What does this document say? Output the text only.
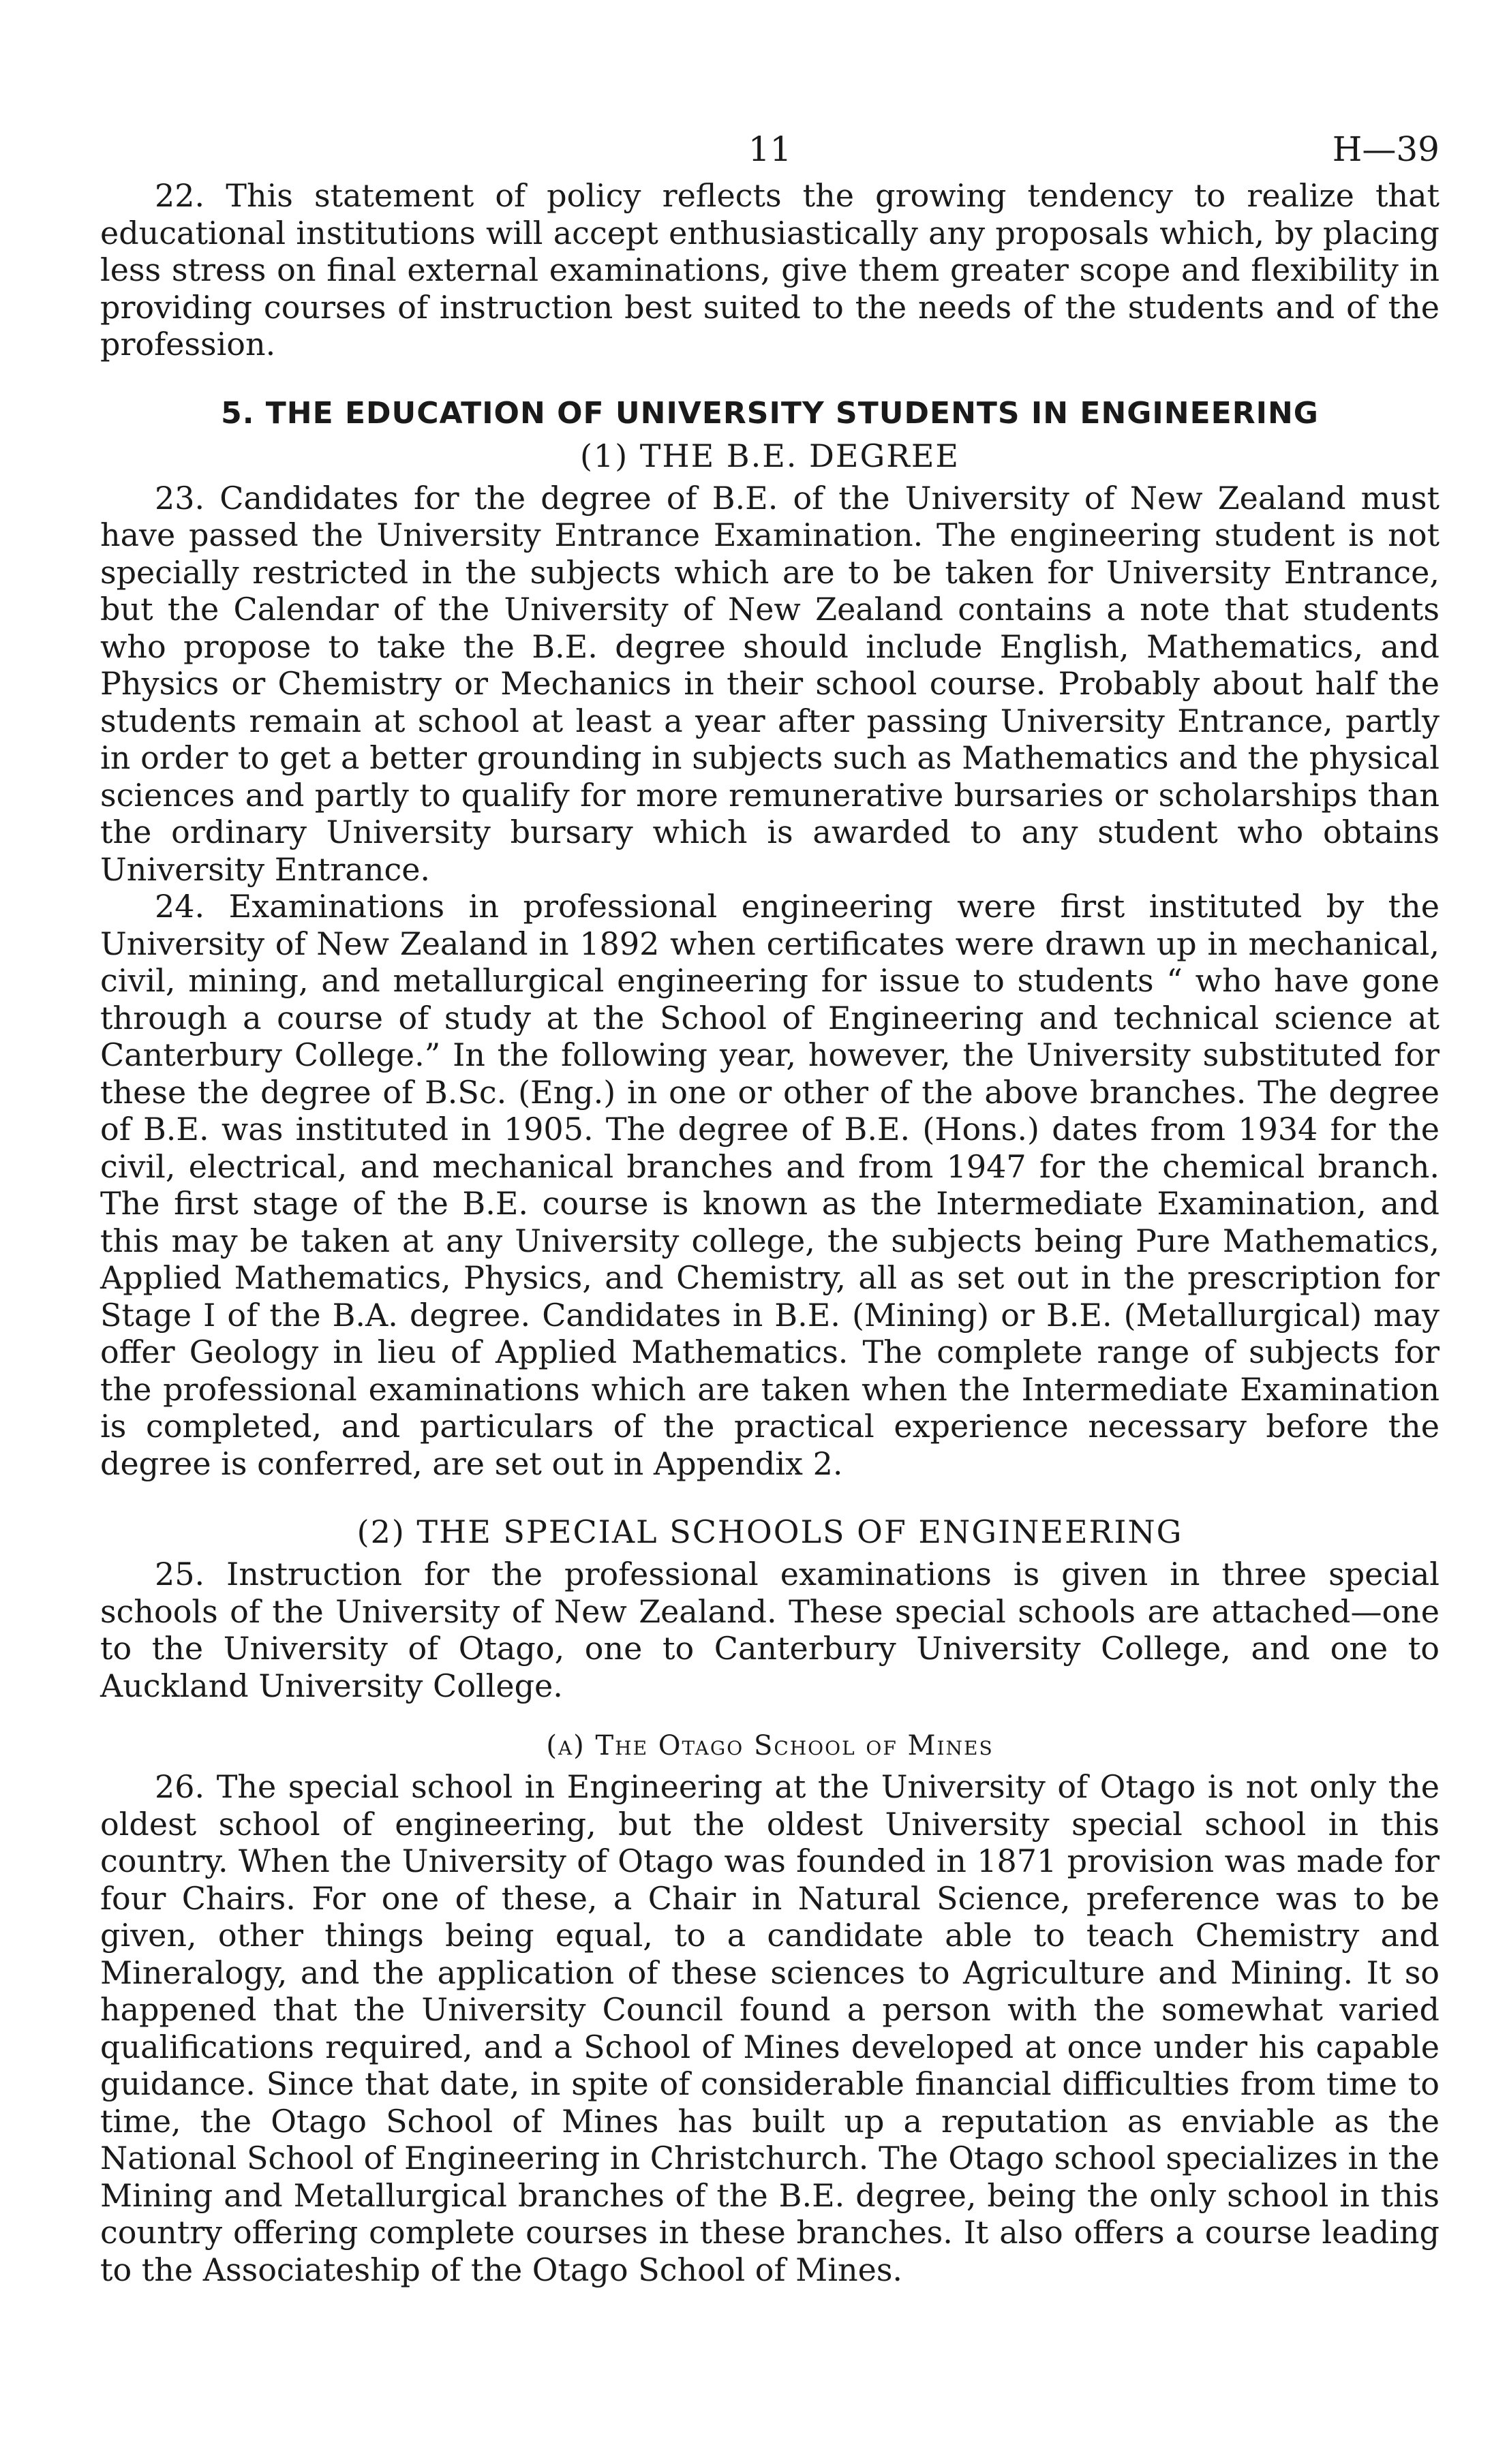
11	H—39

22. This statement of policy reflects the growing tendency to realize that educational institutions will accept enthusiastically any proposals which, by placing less stress on final external examinations, give them greater scope and flexibility in providing courses of instruction best suited to the needs of the students and of the profession.

5. THE EDUCATION OF UNIVERSITY STUDENTS IN ENGINEERING
(1) THE B.E. DEGREE

23. Candidates for the degree of B.E. of the University of New Zealand must have passed the University Entrance Examination. The engineering student is not specially restricted in the subjects which are to be taken for University Entrance, but the Calendar of the University of New Zealand contains a note that students who propose to take the B.E. degree should include English, Mathematics, and Physics or Chemistry or Mechanics in their school course. Probably about half the students remain at school at least a year after passing University Entrance, partly in order to get a better grounding in subjects such as Mathematics and the physical sciences and partly to qualify for more remunerative bursaries or scholarships than the ordinary University bursary which is awarded to any student who obtains University Entrance.

24. Examinations in professional engineering were first instituted by the University of New Zealand in 1892 when certificates were drawn up in mechanical, civil, mining, and metallurgical engineering for issue to students “ who have gone through a course of study at the School of Engineering and technical science at Canterbury College.” In the following year, however, the University substituted for these the degree of B.Sc. (Eng.) in one or other of the above branches. The degree of B.E. was instituted in 1905. The degree of B.E. (Hons.) dates from 1934 for the civil, electrical, and mechanical branches and from 1947 for the chemical branch. The first stage of the B.E. course is known as the Intermediate Examination, and this may be taken at any University college, the subjects being Pure Mathematics, Applied Mathematics, Physics, and Chemistry, all as set out in the prescription for Stage I of the B.A. degree. Candidates in B.E. (Mining) or B.E. (Metallurgical) may offer Geology in lieu of Applied Mathematics. The complete range of subjects for the professional examinations which are taken when the Intermediate Examination is completed, and particulars of the practical experience necessary before the degree is conferred, are set out in Appendix 2.

(2) THE SPECIAL SCHOOLS OF ENGINEERING

25. Instruction for the professional examinations is given in three special schools of the University of New Zealand. These special schools are attached—one to the University of Otago, one to Canterbury University College, and one to Auckland University College.

(a) The Otago School of Mines

26. The special school in Engineering at the University of Otago is not only the oldest school of engineering, but the oldest University special school in this country. When the University of Otago was founded in 1871 provision was made for four Chairs. For one of these, a Chair in Natural Science, preference was to be given, other things being equal, to a candidate able to teach Chemistry and Mineralogy, and the application of these sciences to Agriculture and Mining. It so happened that the University Council found a person with the somewhat varied qualifications required, and a School of Mines developed at once under his capable guidance. Since that date, in spite of considerable financial difficulties from time to time, the Otago School of Mines has built up a reputation as enviable as the National School of Engineering in Christchurch. The Otago school specializes in the Mining and Metallurgical branches of the B.E. degree, being the only school in this country offering complete courses in these branches. It also offers a course leading to the Associateship of the Otago School of Mines.
